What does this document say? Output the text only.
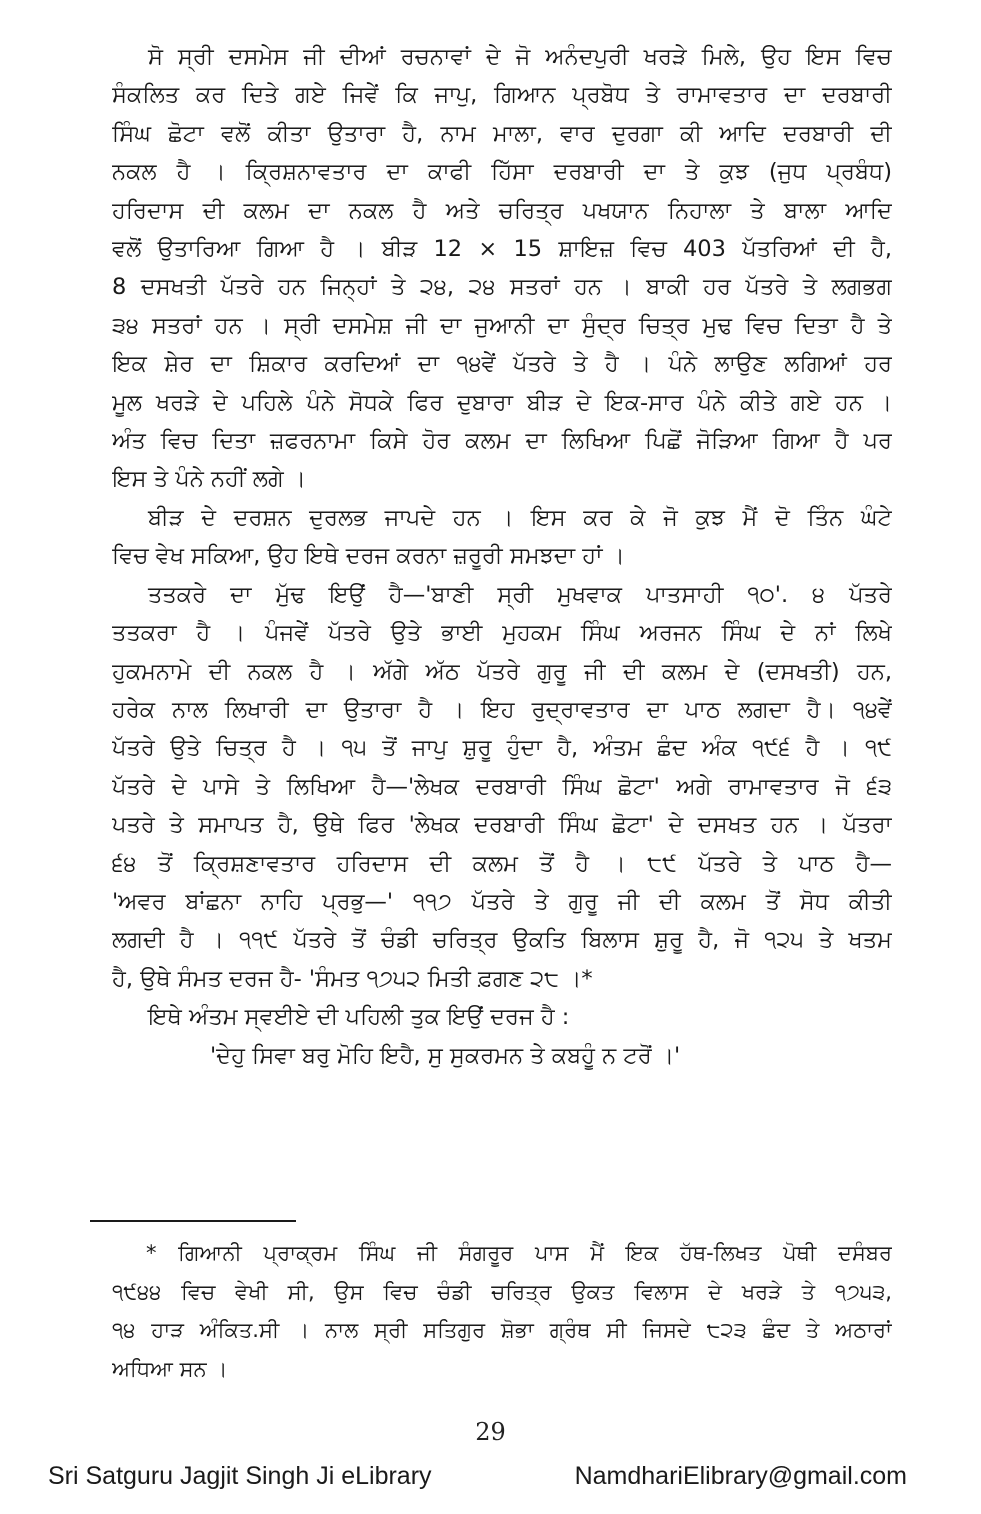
ਸੋ ਸ੍ਰੀ ਦਸਮੇਸ ਜੀ ਦੀਆਂ ਰਚਨਾਵਾਂ ਦੇ ਜੋ ਅਨੰਦਪੁਰੀ ਖਰੜੇ ਮਿਲੇ, ਉਹ ਇਸ ਵਿਚ

ਸੰਕਲਿਤ ਕਰ ਦਿਤੇ ਗਏ ਜਿਵੇਂ ਕਿ ਜਾਪੁ, ਗਿਆਨ ਪ੍ਰਬੋਧ ਤੇ ਰਾਮਾਵਤਾਰ ਦਾ ਦਰਬਾਰੀ

ਸਿੰਘ ਛੋਟਾ ਵਲੋਂ ਕੀਤਾ ਉਤਾਰਾ ਹੈ, ਨਾਮ ਮਾਲਾ, ਵਾਰ ਦੁਰਗਾ ਕੀ ਆਦਿ ਦਰਬਾਰੀ ਦੀ

ਨਕਲ ਹੈ । ਕ੍ਰਿਸ਼ਨਾਵਤਾਰ ਦਾ ਕਾਫੀ ਹਿੱਸਾ ਦਰਬਾਰੀ ਦਾ ਤੇ ਕੁਝ (ਜੁਧ ਪ੍ਰਬੰਧ)

ਹਰਿਦਾਸ ਦੀ ਕਲਮ ਦਾ ਨਕਲ ਹੈ ਅਤੇ ਚਰਿਤ੍ਰ ਪਖਯਾਨ ਨਿਹਾਲਾ ਤੇ ਬਾਲਾ ਆਦਿ

ਵਲੋਂ ਉਤਾਰਿਆ ਗਿਆ ਹੈ । ਬੀੜ 12 × 15 ਸ਼ਾਇਜ਼ ਵਿਚ 403 ਪੱਤਰਿਆਂ ਦੀ ਹੈ,

8 ਦਸਖਤੀ ਪੱਤਰੇ ਹਨ ਜਿਨ੍ਹਾਂ ਤੇ ੨੪, ੨੪ ਸਤਰਾਂ ਹਨ । ਬਾਕੀ ਹਰ ਪੱਤਰੇ ਤੇ ਲਗਭਗ

੩੪ ਸਤਰਾਂ ਹਨ । ਸ੍ਰੀ ਦਸਮੇਸ਼ ਜੀ ਦਾ ਜੁਆਨੀ ਦਾ ਸੁੰਦ੍ਰ ਚਿਤ੍ਰ ਮੁਢ ਵਿਚ ਦਿਤਾ ਹੈ ਤੇ

ਇਕ ਸ਼ੇਰ ਦਾ ਸ਼ਿਕਾਰ ਕਰਦਿਆਂ ਦਾ ੧੪ਵੇਂ ਪੱਤਰੇ ਤੇ ਹੈ । ਪੰਨੇ ਲਾਉਣ ਲਗਿਆਂ ਹਰ

ਮੂਲ ਖਰੜੇ ਦੇ ਪਹਿਲੇ ਪੰਨੇ ਸੋਧਕੇ ਫਿਰ ਦੁਬਾਰਾ ਬੀੜ ਦੇ ਇਕ-ਸਾਰ ਪੰਨੇ ਕੀਤੇ ਗਏ ਹਨ ।

ਅੰਤ ਵਿਚ ਦਿਤਾ ਜ਼ਫਰਨਾਮਾ ਕਿਸੇ ਹੋਰ ਕਲਮ ਦਾ ਲਿਖਿਆ ਪਿਛੋਂ ਜੋੜਿਆ ਗਿਆ ਹੈ ਪਰ

ਇਸ ਤੇ ਪੰਨੇ ਨਹੀਂ ਲਗੇ ।

ਬੀੜ ਦੇ ਦਰਸ਼ਨ ਦੁਰਲਭ ਜਾਪਦੇ ਹਨ । ਇਸ ਕਰ ਕੇ ਜੋ ਕੁਝ ਮੈਂ ਦੋ ਤਿੰਨ ਘੰਟੇ

ਵਿਚ ਵੇਖ ਸਕਿਆ, ਉਹ ਇਥੇ ਦਰਜ ਕਰਨਾ ਜ਼ਰੂਰੀ ਸਮਝਦਾ ਹਾਂ ।

ਤਤਕਰੇ ਦਾ ਮੁੱਢ ਇਉਂ ਹੈ—'ਬਾਣੀ ਸ੍ਰੀ ਮੁਖਵਾਕ ਪਾਤਸਾਹੀ ੧੦'. ੪ ਪੱਤਰੇ

ਤਤਕਰਾ ਹੈ । ਪੰਜਵੇਂ ਪੱਤਰੇ ਉਤੇ ਭਾਈ ਮੁਹਕਮ ਸਿੰਘ ਅਰਜਨ ਸਿੰਘ ਦੇ ਨਾਂ ਲਿਖੇ

ਹੁਕਮਨਾਮੇ ਦੀ ਨਕਲ ਹੈ । ਅੱਗੇ ਅੱਠ ਪੱਤਰੇ ਗੁਰੂ ਜੀ ਦੀ ਕਲਮ ਦੇ (ਦਸਖਤੀ) ਹਨ,

ਹਰੇਕ ਨਾਲ ਲਿਖਾਰੀ ਦਾ ਉਤਾਰਾ ਹੈ । ਇਹ ਰੁਦ੍ਰਾਵਤਾਰ ਦਾ ਪਾਠ ਲਗਦਾ ਹੈ। ੧੪ਵੇਂ

ਪੱਤਰੇ ਉਤੇ ਚਿਤ੍ਰ ਹੈ । ੧੫ ਤੋਂ ਜਾਪੁ ਸ਼ੁਰੂ ਹੁੰਦਾ ਹੈ, ਅੰਤਮ ਛੰਦ ਅੰਕ ੧੯੬ ਹੈ । ੧੯

ਪੱਤਰੇ ਦੇ ਪਾਸੇ ਤੇ ਲਿਖਿਆ ਹੈ—'ਲੇਖਕ ਦਰਬਾਰੀ ਸਿੰਘ ਛੋਟਾ' ਅਗੇ ਰਾਮਾਵਤਾਰ ਜੋ ੬੩

ਪਤਰੇ ਤੇ ਸਮਾਪਤ ਹੈ, ਉਥੇ ਫਿਰ 'ਲੇਖਕ ਦਰਬਾਰੀ ਸਿੰਘ ਛੋਟਾ' ਦੇ ਦਸਖਤ ਹਨ । ਪੱਤਰਾ

੬੪ ਤੋਂ ਕ੍ਰਿਸ਼ਣਾਵਤਾਰ ਹਰਿਦਾਸ ਦੀ ਕਲਮ ਤੋਂ ਹੈ । ੮੯ ਪੱਤਰੇ ਤੇ ਪਾਠ ਹੈ—

'ਅਵਰ ਬਾਂਛਨਾ ਨਾਹਿ ਪ੍ਰਭੁ—' ੧੧੭ ਪੱਤਰੇ ਤੇ ਗੁਰੂ ਜੀ ਦੀ ਕਲਮ ਤੋਂ ਸੋਧ ਕੀਤੀ

ਲਗਦੀ ਹੈ । ੧੧੯ ਪੱਤਰੇ ਤੋਂ ਚੰਡੀ ਚਰਿਤ੍ਰ ਉਕਤਿ ਬਿਲਾਸ ਸ਼ੁਰੂ ਹੈ, ਜੋ ੧੨੫ ਤੇ ਖਤਮ

ਹੈ, ਉਥੇ ਸੰਮਤ ਦਰਜ ਹੈ- 'ਸੰਮਤ ੧੭੫੨ ਮਿਤੀ ਫ਼ਗਣ ੨੮ ।*

ਇਥੇ ਅੰਤਮ ਸ੍ਵਈਏ ਦੀ ਪਹਿਲੀ ਤੁਕ ਇਉਂ ਦਰਜ ਹੈ :

'ਦੇਹੁ ਸਿਵਾ ਬਰੁ ਮੋਹਿ ਇਹੈ, ਸੁ ਸੁਕਰਮਨ ਤੇ ਕਬਹੂੰ ਨ ਟਰੋਂ ।'

* ਗਿਆਨੀ ਪ੍ਰਾਕ੍ਰਮ ਸਿੰਘ ਜੀ ਸੰਗਰੂਰ ਪਾਸ ਮੈਂ ਇਕ ਹੱਥ-ਲਿਖਤ ਪੋਥੀ ਦਸੰਬਰ

੧੯੪੪ ਵਿਚ ਵੇਖੀ ਸੀ, ਉਸ ਵਿਚ ਚੰਡੀ ਚਰਿਤ੍ਰ ਉਕਤ ਵਿਲਾਸ ਦੇ ਖਰੜੇ ਤੇ ੧੭੫੩,

੧੪ ਹਾੜ ਅੰਕਿਤ.ਸੀ । ਨਾਲ ਸ੍ਰੀ ਸਤਿਗੁਰ ਸ਼ੋਭਾ ਗ੍ਰੰਥ ਸੀ ਜਿਸਦੇ ੮੨੩ ਛੰਦ ਤੇ ਅਠਾਰਾਂ

ਅਧਿਆ ਸਨ ।

29
Sri Satguru Jagjit Singh Ji eLibrary	NamdhariElibrary@gmail.com
